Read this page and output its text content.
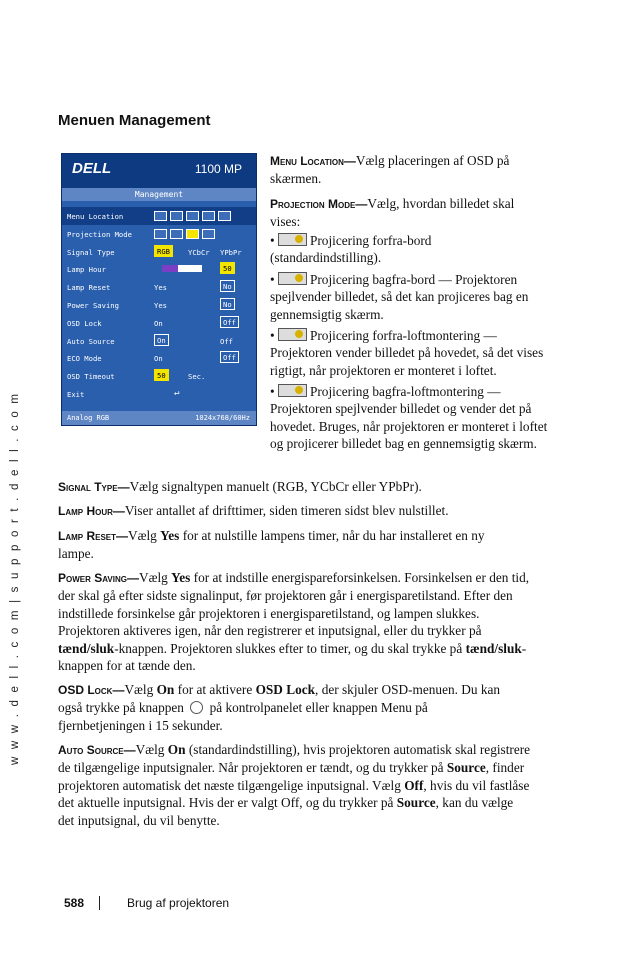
w w w . d e l l . c o m | s u p p o r t . d e l l . c o m
Menuen Management
DELL	1100 MP
Management
Menu Location
Projection Mode
Signal Type	RGB	YCbCr YPbPr
Lamp Hour	50
Lamp Reset	Yes	No
Power Saving	Yes	No
OSD Lock	On	Off
Auto Source	On	Off
ECO Mode	On	Off
OSD Timeout	50	Sec.
Exit	↵
Analog RGB	1024x768/60Hz

Menu Location—Vælg placeringen af OSD på skærmen.

Projection Mode—Vælg, hvordan billedet skal vises:

• Projicering forfra-bord (standardindstilling).

• Projicering bagfra-bord — Projektoren spejlvender billedet, så det kan projiceres bag en gennemsigtig skærm.

• Projicering forfra-loftmontering — Projektoren vender billedet på hovedet, så det vises rigtigt, når projektoren er monteret i loftet.

• Projicering bagfra-loftmontering — Projektoren spejlvender billedet og vender det på hovedet. Bruges, når projektoren er monteret i loftet og projicerer billedet bag en gennemsigtig skærm.

Signal Type—Vælg signaltypen manuelt (RGB, YCbCr eller YPbPr).

Lamp Hour—Viser antallet af drifttimer, siden timeren sidst blev nulstillet.

Lamp Reset—Vælg Yes for at nulstille lampens timer, når du har installeret en ny lampe.

Power Saving—Vælg Yes for at indstille energispareforsinkelsen. Forsinkelsen er den tid, der skal gå efter sidste signalinput, før projektoren går i energisparetilstand. Efter den indstillede forsinkelse går projektoren i energisparetilstand, og lampen slukkes. Projektoren aktiveres igen, når den registrerer et inputsignal, eller du trykker på tænd/sluk-knappen. Projektoren slukkes efter to timer, og du skal trykke på tænd/sluk-knappen for at tænde den.

OSD Lock—Vælg On for at aktivere OSD Lock, der skjuler OSD-menuen. Du kan også trykke på knappen  på kontrolpanelet eller knappen Menu på fjernbetjeningen i 15 sekunder.

Auto Source—Vælg On (standardindstilling), hvis projektoren automatisk skal registrere de tilgængelige inputsignaler. Når projektoren er tændt, og du trykker på Source, finder projektoren automatisk det næste tilgængelige inputsignal. Vælg Off, hvis du vil fastlåse det aktuelle inputsignal. Hvis der er valgt Off, og du trykker på Source, kan du vælge det inputsignal, du vil benytte.

588	Brug af projektoren
